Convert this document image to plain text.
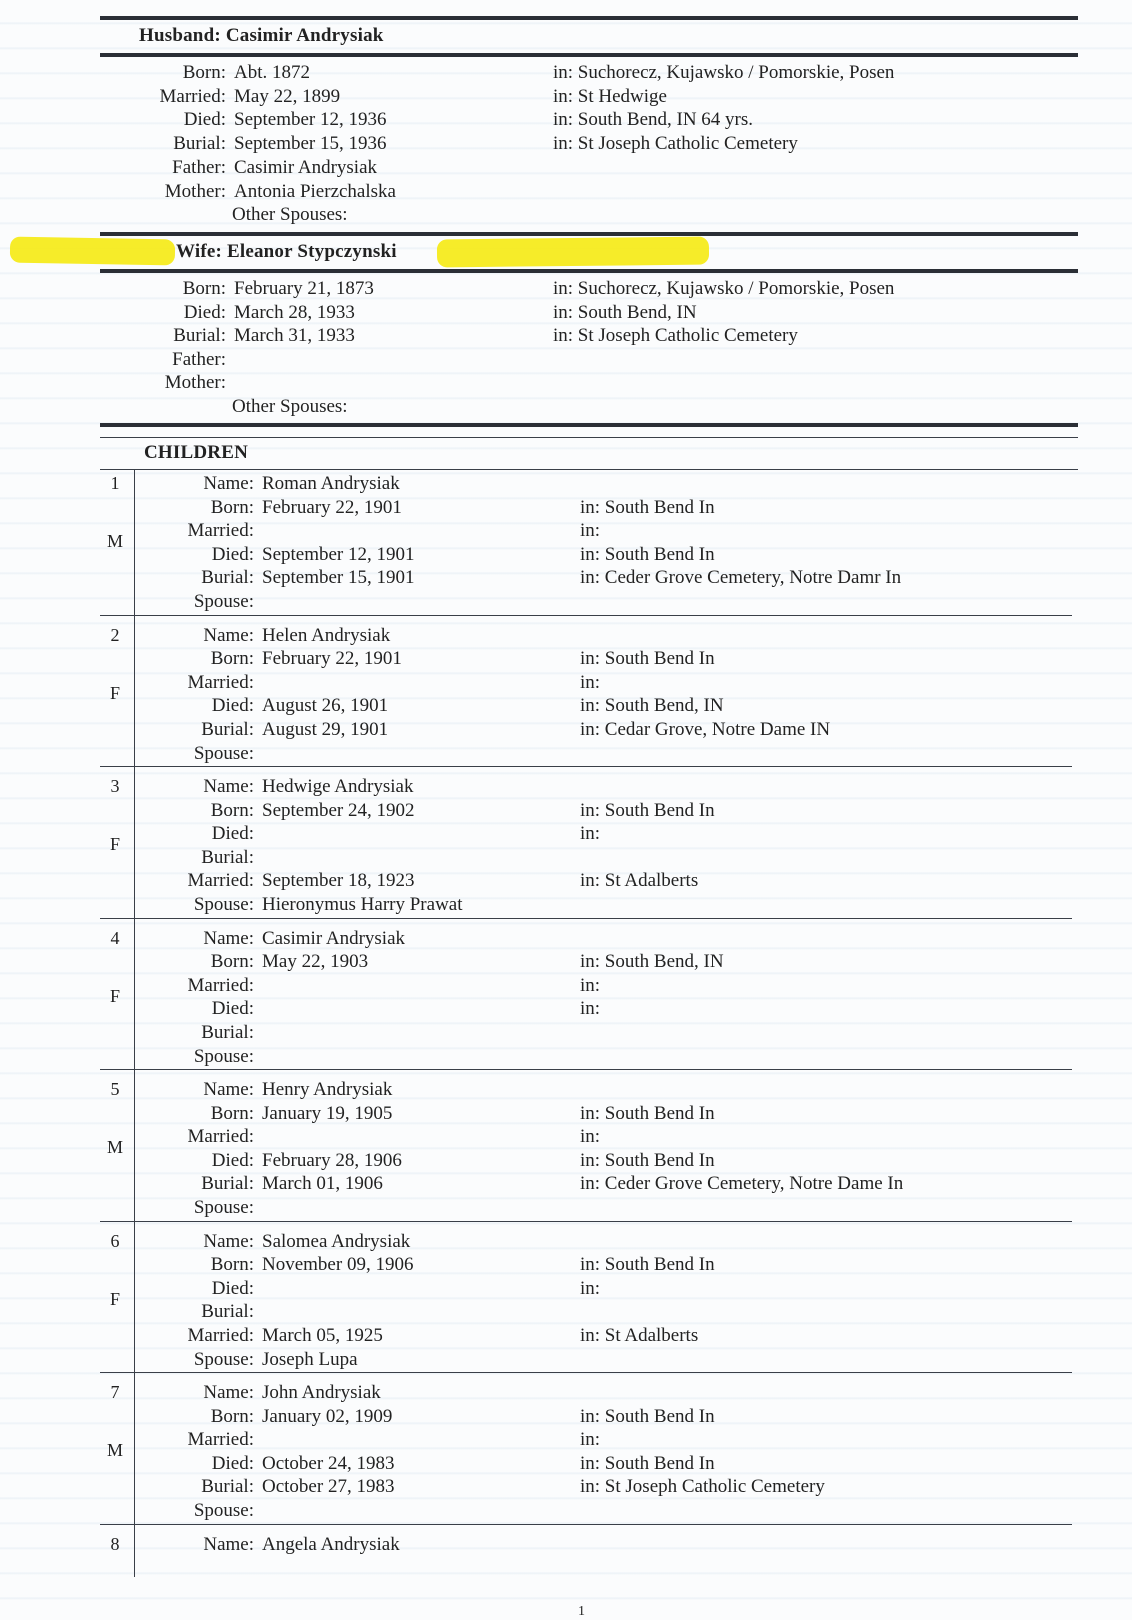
Husband: Casimir Andrysiak
Born: Abt. 1872	in: Suchorecz, Kujawsko / Pomorskie, Posen
Married: May 22, 1899	in: St Hedwige
Died: September 12, 1936	in: South Bend, IN 64 yrs.
Burial: September 15, 1936	in: St Joseph Catholic Cemetery
Father: Casimir Andrysiak
Mother: Antonia Pierzchalska
Other Spouses:
Wife: Eleanor Stypczynski
Born: February 21, 1873	in: Suchorecz, Kujawsko / Pomorskie, Posen
Died: March 28, 1933	in: South Bend, IN
Burial: March 31, 1933	in: St Joseph Catholic Cemetery
Father:
Mother:
Other Spouses:
CHILDREN
1
M
Name: Roman Andrysiak
Born: February 22, 1901	in: South Bend In
Married:	in:
Died: September 12, 1901	in: South Bend In
Burial: September 15, 1901	in: Ceder Grove Cemetery, Notre Damr In
Spouse:
2
F
Name: Helen Andrysiak
Born: February 22, 1901	in: South Bend In
Married:	in:
Died: August 26, 1901	in: South Bend, IN
Burial: August 29, 1901	in: Cedar Grove, Notre Dame IN
Spouse:
3
F
Name: Hedwige Andrysiak
Born: September 24, 1902	in: South Bend In
Died:	in:
Burial:
Married: September 18, 1923	in: St Adalberts
Spouse: Hieronymus Harry Prawat
4
F
Name: Casimir Andrysiak
Born: May 22, 1903	in: South Bend, IN
Married:	in:
Died:	in:
Burial:
Spouse:
5
M
Name: Henry Andrysiak
Born: January 19, 1905	in: South Bend In
Married:	in:
Died: February 28, 1906	in: South Bend In
Burial: March 01, 1906	in: Ceder Grove Cemetery, Notre Dame In
Spouse:
6
F
Name: Salomea Andrysiak
Born: November 09, 1906	in: South Bend In
Died:	in:
Burial:
Married: March 05, 1925	in: St Adalberts
Spouse: Joseph Lupa
7
M
Name: John Andrysiak
Born: January 02, 1909	in: South Bend In
Married:	in:
Died: October 24, 1983	in: South Bend In
Burial: October 27, 1983	in: St Joseph Catholic Cemetery
Spouse:
8	Name: Angela Andrysiak
1
